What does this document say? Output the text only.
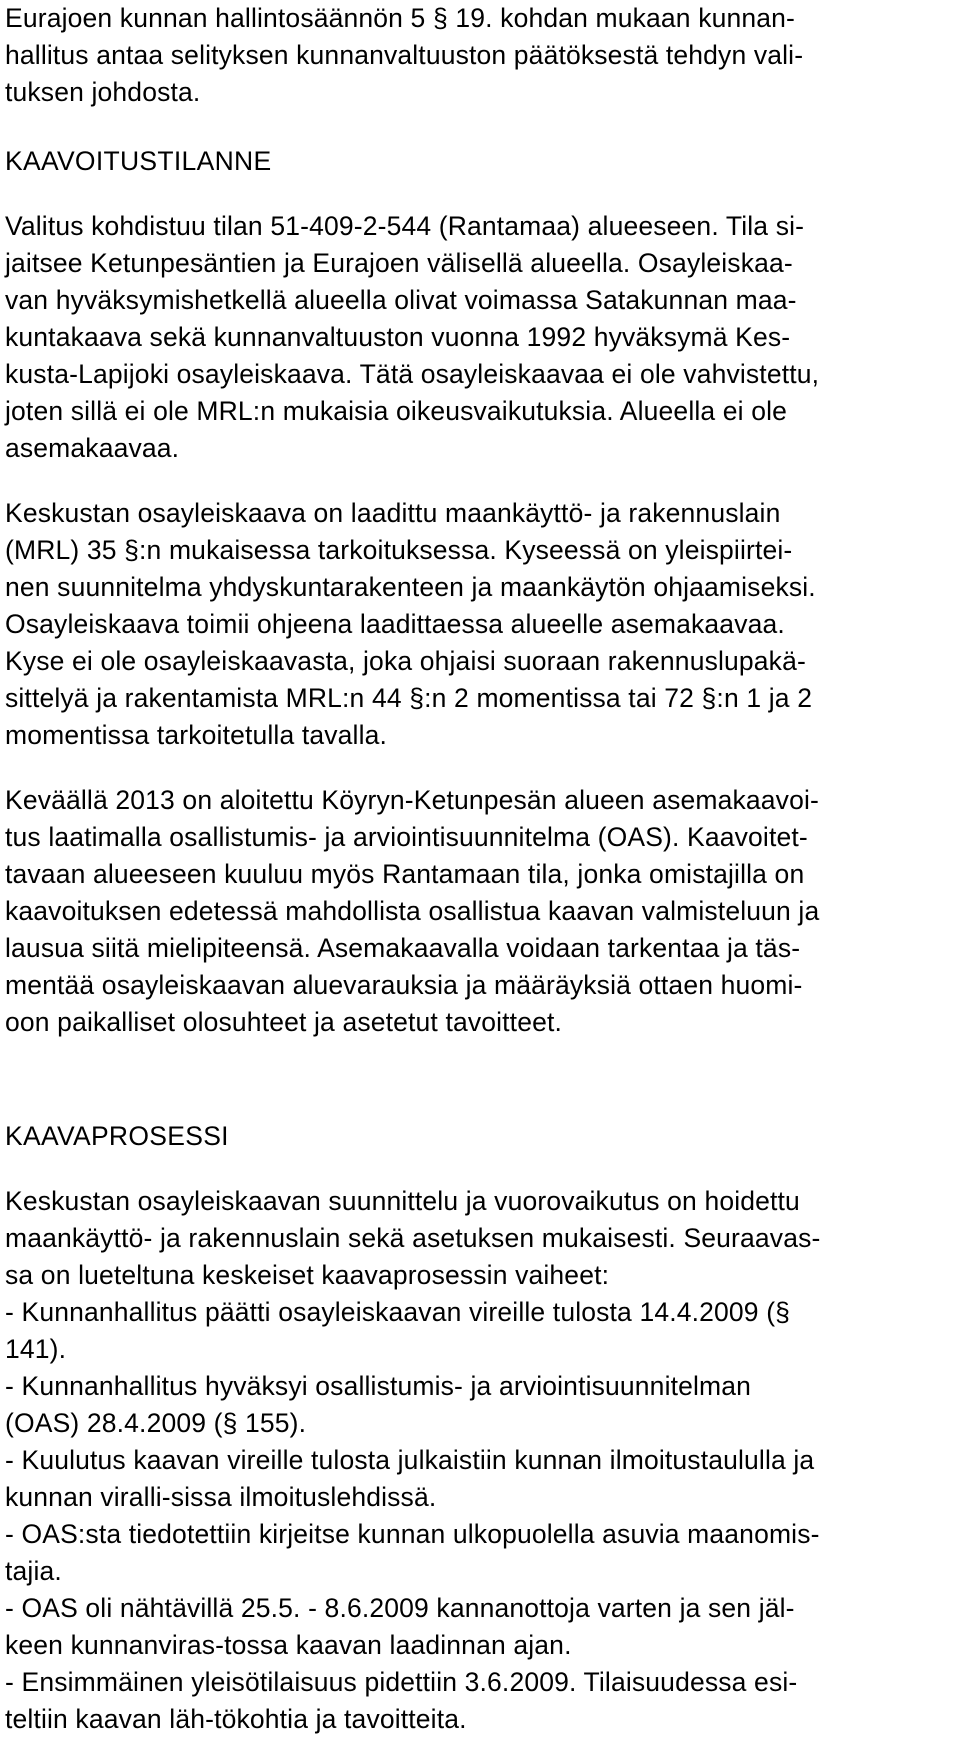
Eurajoen kunnan hallintosäännön 5 § 19. kohdan mukaan kunnan-
hallitus antaa selityksen kunnanvaltuuston päätöksestä tehdyn vali-
tuksen johdosta.
KAAVOITUSTILANNE
Valitus kohdistuu tilan 51-409-2-544 (Rantamaa) alueeseen. Tila si-
jaitsee Ketunpesäntien ja Eurajoen välisellä alueella. Osayleiskaa-
van hyväksymishetkellä alueella olivat voimassa Satakunnan maa-
kuntakaava sekä kunnanvaltuuston vuonna 1992 hyväksymä Kes-
kusta-Lapijoki osayleiskaava. Tätä osayleiskaavaa ei ole vahvistettu,
joten sillä ei ole MRL:n mukaisia oikeusvaikutuksia. Alueella ei ole
asemakaavaa.
Keskustan osayleiskaava on laadittu maankäyttö- ja rakennuslain
(MRL) 35 §:n mukaisessa tarkoituksessa. Kyseessä on yleispiirtei-
nen suunnitelma yhdyskuntarakenteen ja maankäytön ohjaamiseksi.
Osayleiskaava toimii ohjeena laadittaessa alueelle asemakaavaa.
Kyse ei ole osayleiskaavasta, joka ohjaisi suoraan rakennuslupakä-
sittelyä ja rakentamista MRL:n 44 §:n 2 momentissa tai 72 §:n 1 ja 2
momentissa tarkoitetulla tavalla.
Keväällä 2013 on aloitettu Köyryn-Ketunpesän alueen asemakaavoi-
tus laatimalla osallistumis- ja arviointisuunnitelma (OAS). Kaavoitet-
tavaan alueeseen kuuluu myös Rantamaan tila, jonka omistajilla on
kaavoituksen edetessä mahdollista osallistua kaavan valmisteluun ja
lausua siitä mielipiteensä. Asemakaavalla voidaan tarkentaa ja täs-
mentää osayleiskaavan aluevarauksia ja määräyksiä ottaen huomi-
oon paikalliset olosuhteet ja asetetut tavoitteet.
KAAVAPROSESSI
Keskustan osayleiskaavan suunnittelu ja vuorovaikutus on hoidettu
maankäyttö- ja rakennuslain sekä asetuksen mukaisesti. Seuraavas-
sa on lueteltuna keskeiset kaavaprosessin vaiheet:
- Kunnanhallitus päätti osayleiskaavan vireille tulosta 14.4.2009 (§
141).
- Kunnanhallitus hyväksyi osallistumis- ja arviointisuunnitelman
(OAS) 28.4.2009 (§ 155).
- Kuulutus kaavan vireille tulosta julkaistiin kunnan ilmoitustaululla ja
kunnan viralli-sissa ilmoituslehdissä.
- OAS:sta tiedotettiin kirjeitse kunnan ulkopuolella asuvia maanomis-
tajia.
- OAS oli nähtävillä 25.5. - 8.6.2009 kannanottoja varten ja sen jäl-
keen kunnanviras-tossa kaavan laadinnan ajan.
- Ensimmäinen yleisötilaisuus pidettiin 3.6.2009. Tilaisuudessa esi-
teltiin kaavan läh-tökohtia ja tavoitteita.
